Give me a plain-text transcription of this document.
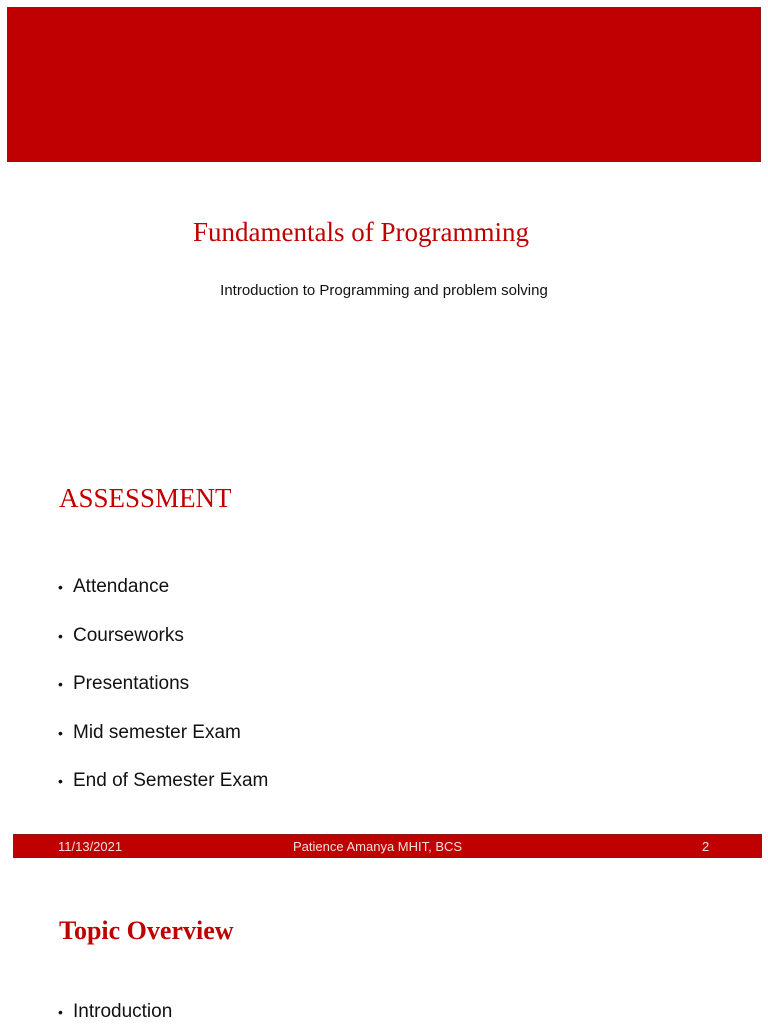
Fundamentals of Programming
Introduction to Programming and problem solving
ASSESSMENT
• Attendance
• Courseworks
• Presentations
• Mid semester Exam
• End of Semester Exam
11/13/2021	Patience Amanya MHIT, BCS	2
Topic Overview
• Introduction
